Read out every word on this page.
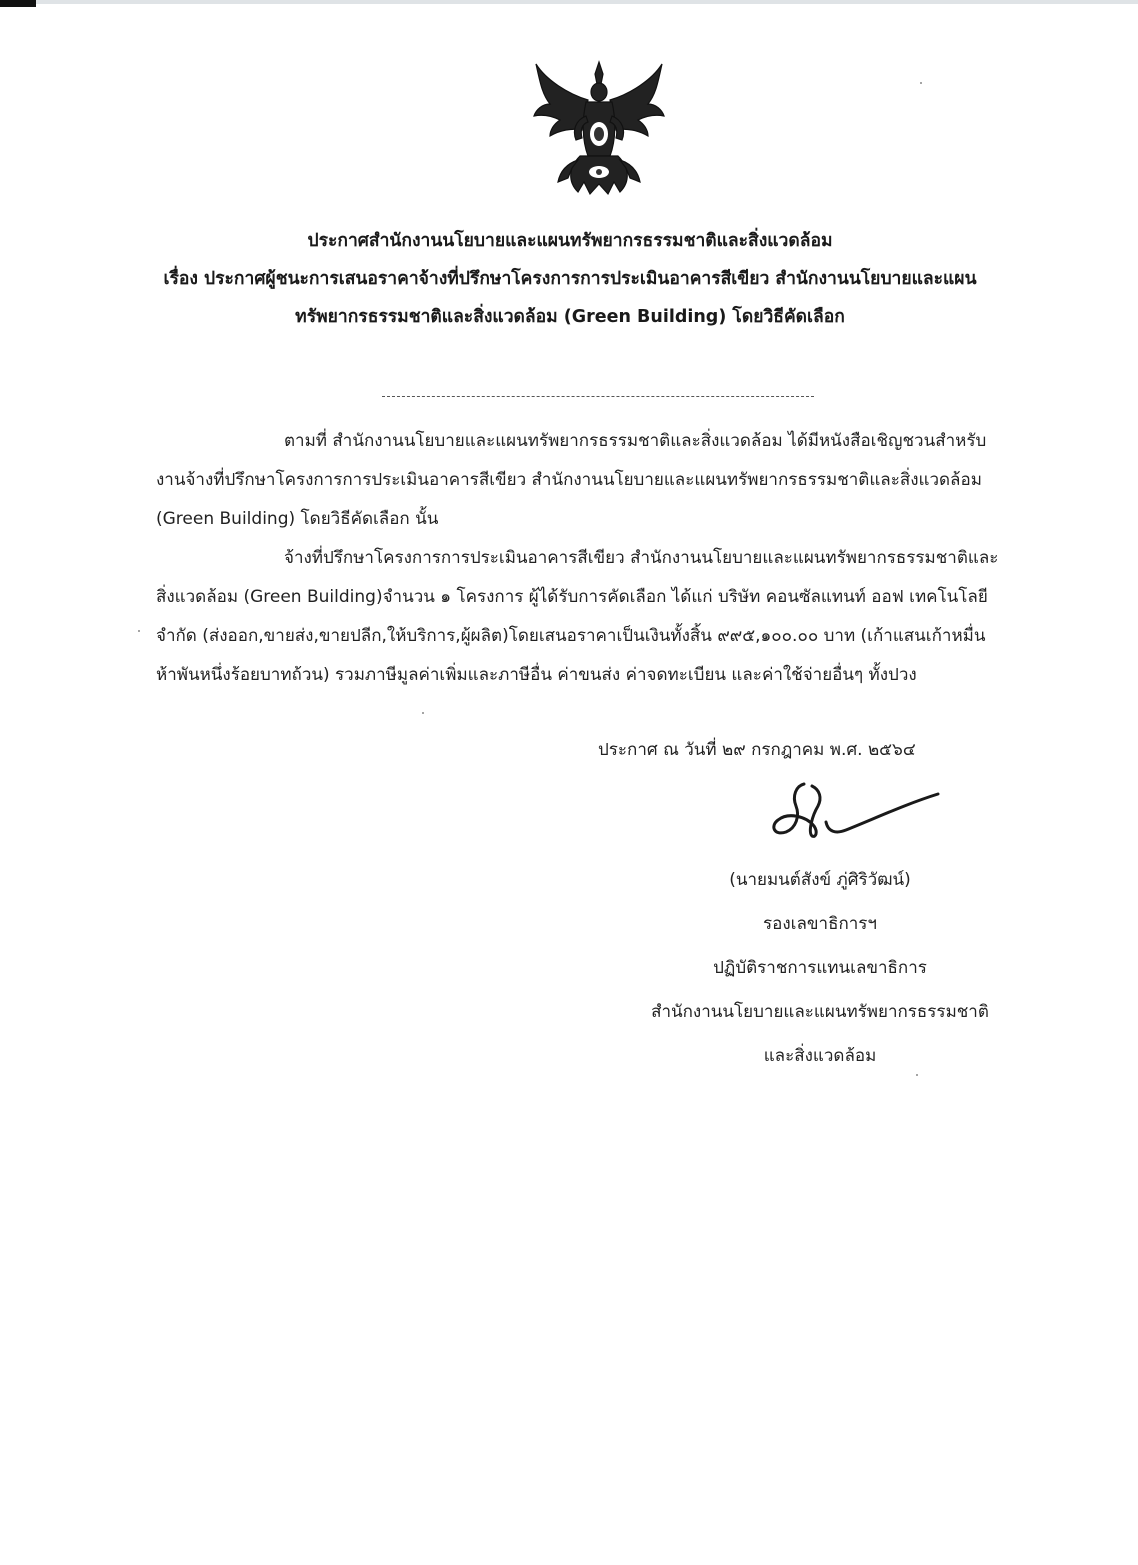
ประกาศสำนักงานนโยบายและแผนทรัพยากรธรรมชาติและสิ่งแวดล้อม
เรื่อง ประกาศผู้ชนะการเสนอราคาจ้างที่ปรึกษาโครงการการประเมินอาคารสีเขียว สำนักงานนโยบายและแผน
ทรัพยากรธรรมชาติและสิ่งแวดล้อม (Green Building) โดยวิธีคัดเลือก
ตามที่ สำนักงานนโยบายและแผนทรัพยากรธรรมชาติและสิ่งแวดล้อม ได้มีหนังสือเชิญชวนสำหรับ
งานจ้างที่ปรึกษาโครงการการประเมินอาคารสีเขียว สำนักงานนโยบายและแผนทรัพยากรธรรมชาติและสิ่งแวดล้อม
(Green Building) โดยวิธีคัดเลือก นั้น
จ้างที่ปรึกษาโครงการการประเมินอาคารสีเขียว สำนักงานนโยบายและแผนทรัพยากรธรรมชาติและ
สิ่งแวดล้อม (Green Building)จำนวน ๑ โครงการ ผู้ได้รับการคัดเลือก ได้แก่ บริษัท คอนซัลแทนท์ ออฟ เทคโนโลยี
จำกัด (ส่งออก,ขายส่ง,ขายปลีก,ให้บริการ,ผู้ผลิต)โดยเสนอราคาเป็นเงินทั้งสิ้น ๙๙๕,๑๐๐.๐๐ บาท (เก้าแสนเก้าหมื่น
ห้าพันหนึ่งร้อยบาทถ้วน) รวมภาษีมูลค่าเพิ่มและภาษีอื่น ค่าขนส่ง ค่าจดทะเบียน และค่าใช้จ่ายอื่นๆ ทั้งปวง
ประกาศ ณ วันที่ ๒๙ กรกฎาคม พ.ศ. ๒๕๖๔
(นายมนต์สังข์ ภู่ศิริวัฒน์)
รองเลขาธิการฯ
ปฏิบัติราชการแทนเลขาธิการ
สำนักงานนโยบายและแผนทรัพยากรธรรมชาติ
และสิ่งแวดล้อม
